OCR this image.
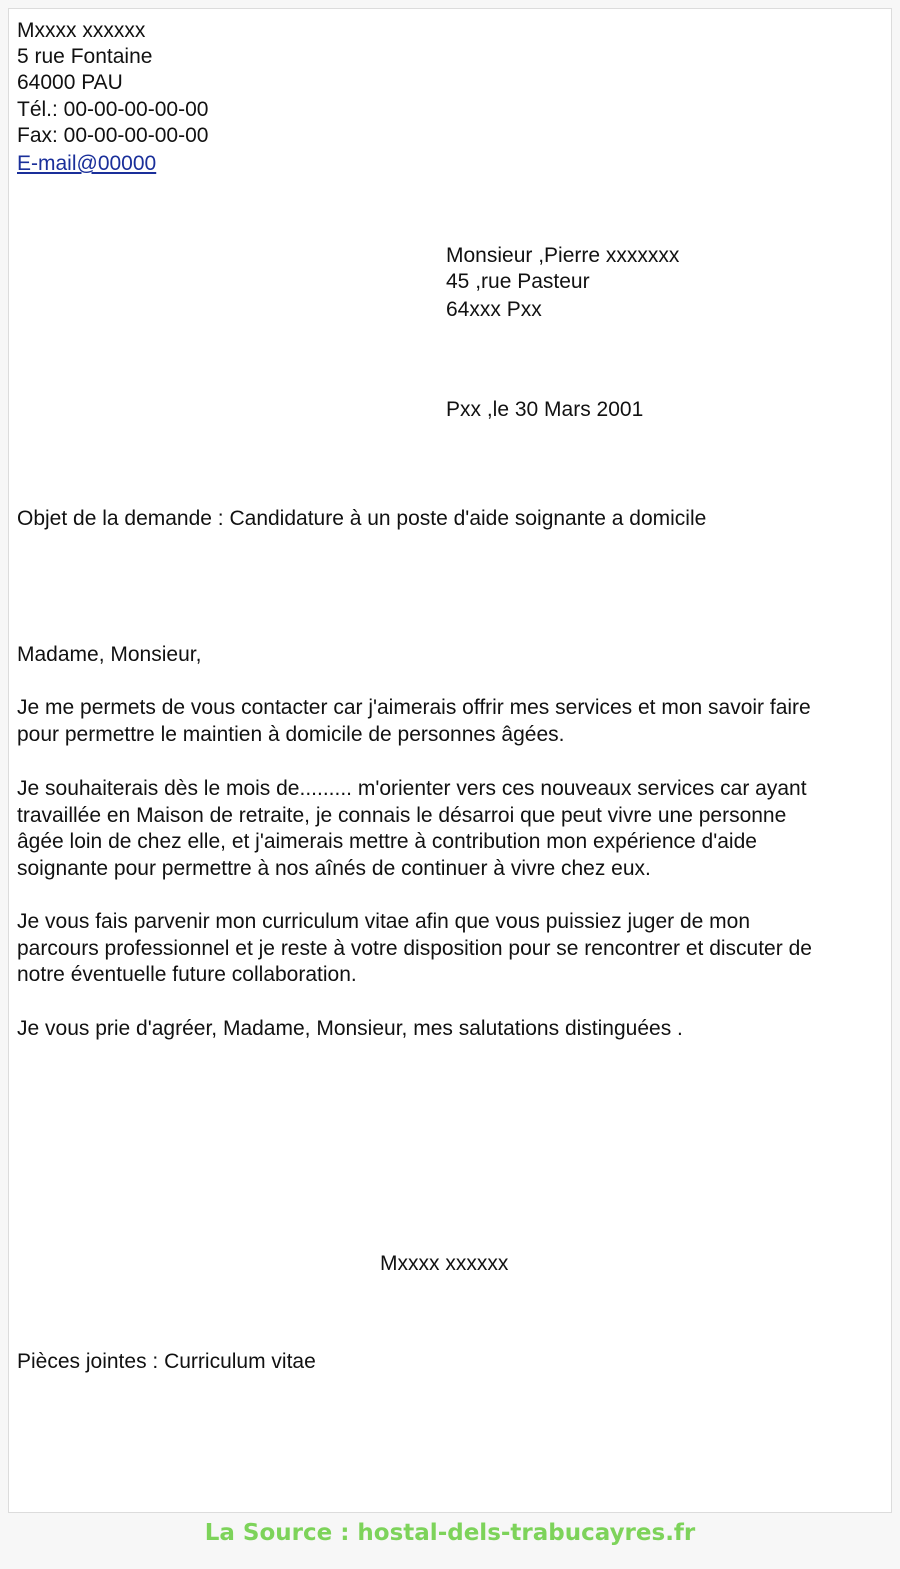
Mxxxx xxxxxx

5 rue Fontaine

64000 PAU

Tél.: 00-00-00-00-00

Fax: 00-00-00-00-00

E-mail@00000

Monsieur ,Pierre xxxxxxx

45 ,rue Pasteur

64xxx Pxx

Pxx ,le 30 Mars 2001

Objet de la demande : Candidature à un poste d'aide soignante a domicile

Madame, Monsieur,

Je me permets de vous contacter car j'aimerais offrir mes services et mon savoir faire
pour permettre le maintien à domicile de personnes âgées.
Je souhaiterais dès le mois de......... m'orienter vers ces nouveaux services car ayant
travaillée en Maison de retraite, je connais le désarroi que peut vivre une personne
âgée loin de chez elle, et j'aimerais mettre à contribution mon expérience d'aide
soignante pour permettre à nos aînés de continuer à vivre chez eux.
Je vous fais parvenir mon curriculum vitae afin que vous puissiez juger de mon
parcours professionnel et je reste à votre disposition pour se rencontrer et discuter de
notre éventuelle future collaboration.

Je vous prie d'agréer, Madame, Monsieur, mes salutations distinguées .

Mxxxx xxxxxx

Pièces jointes : Curriculum vitae

La Source : hostal-dels-trabucayres.fr
